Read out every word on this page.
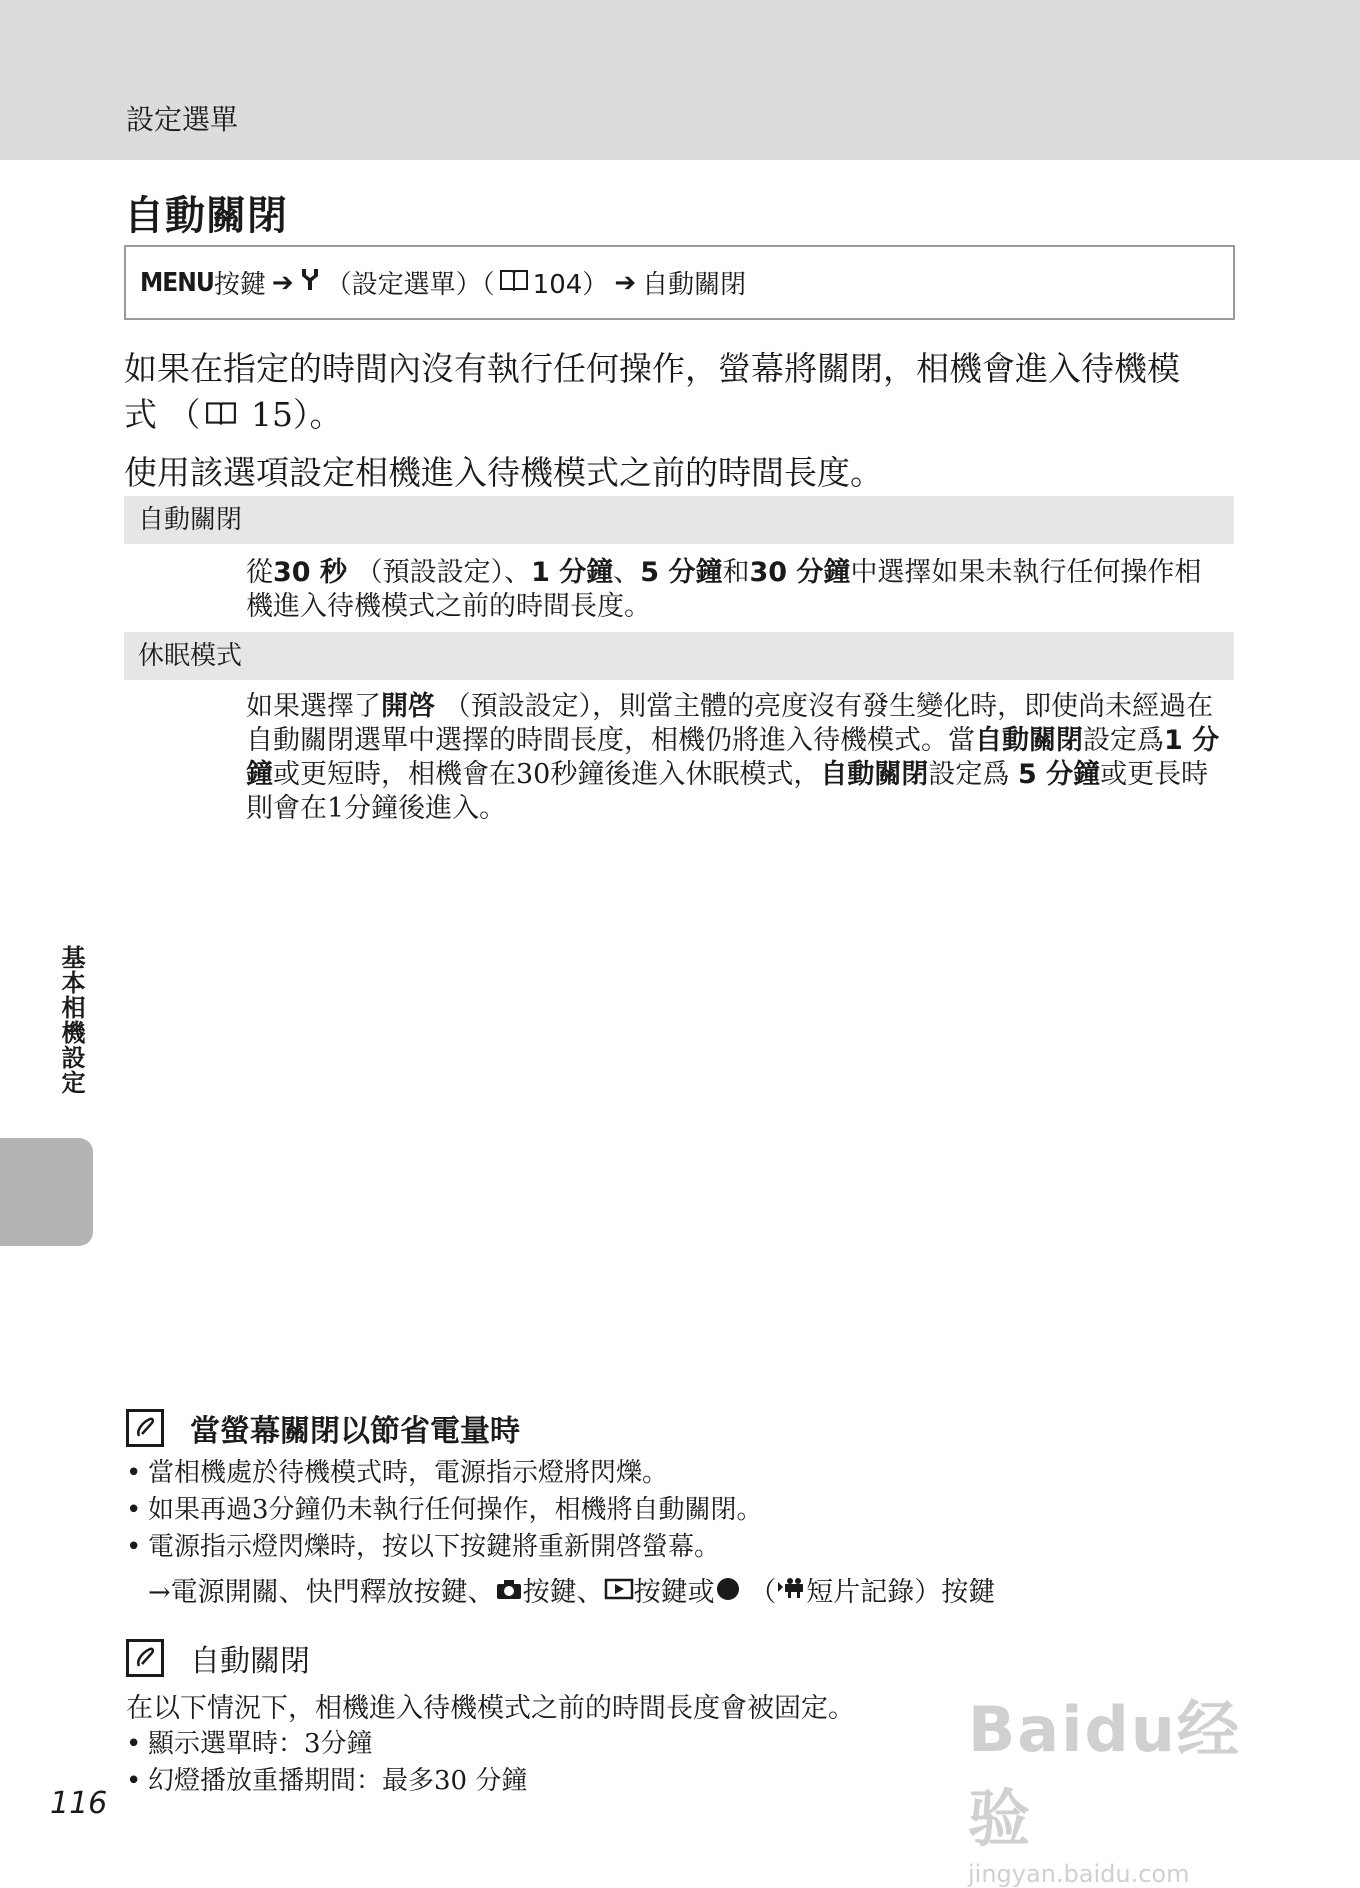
設定選單
自動關閉
MENU 按鍵 ➔ （設定選單）（ 104） ➔ 自動關閉

如果在指定的時間內沒有執行任何操作，螢幕將關閉，相機會進入待機模
式 （ 15）。

使用該選項設定相機進入待機模式之前的時間長度。

自動關閉
從30 秒 （預設設定）、1 分鐘、5 分鐘和30 分鐘中選擇如果未執行任何操作相機進入待機模式之前的時間長度。
休眠模式
如果選擇了開啓 （預設設定），則當主體的亮度沒有發生變化時，即使尚未經過在自動關閉選單中選擇的時間長度，相機仍將進入待機模式。當自動關閉設定爲1 分鐘或更短時，相機會在30秒鐘後進入休眠模式，自動關閉設定爲 5 分鐘或更長時則會在1分鐘後進入。
基本相機設定
當螢幕關閉以節省電量時
• 當相機處於待機模式時，電源指示燈將閃爍。
• 如果再過3分鐘仍未執行任何操作，相機將自動關閉。
• 電源指示燈閃爍時，按以下按鍵將重新開啓螢幕。
→電源開關、快門釋放按鍵、 按鍵、 按鍵或 （ 短片記錄）按鍵
自動關閉
在以下情況下，相機進入待機模式之前的時間長度會被固定。
• 顯示選單時：3分鐘
• 幻燈播放重播期間：最多30 分鐘
116
Baidu经验
jingyan.baidu.com
